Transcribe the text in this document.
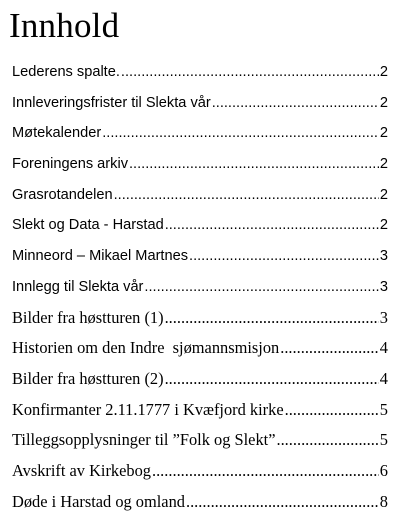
Innhold
Lederens spalte. .....	2
Innleveringsfrister til Slekta vår .....	2
Møtekalender .....	2
Foreningens arkiv .....	2
Grasrotandelen .....	2
Slekt og Data - Harstad .....	2
Minneord – Mikael Martnes .....	3
Innlegg til Slekta vår .....	3
Bilder fra høstturen (1) .....	3
Historien om den Indre  sjømannsmisjon .....	4
Bilder fra høstturen (2) .....	4
Konfirmanter 2.11.1777 i Kvæfjord kirke .....	5
Tilleggsopplysninger til ”Folk og Slekt” .....	5
Avskrift av Kirkebog .....	6
Døde i Harstad og omland .....	8
